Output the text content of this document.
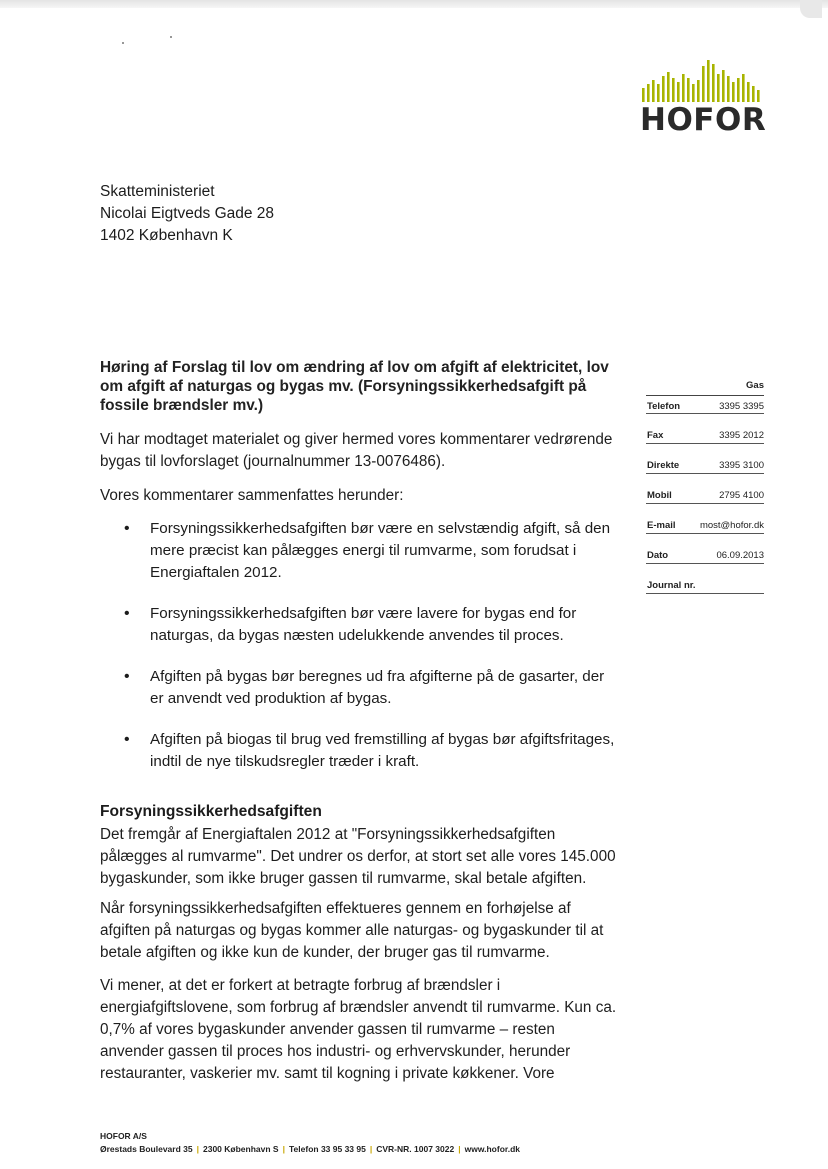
HOFOR
Skatteministeriet
Nicolai Eigtveds Gade 28
1402 København K
Høring af Forslag til lov om ændring af lov om afgift af elektricitet, lov om afgift af naturgas og bygas mv. (Forsyningssikkerhedsafgift på fossile brændsler mv.)
Vi har modtaget materialet og giver hermed vores kommentarer vedrørende bygas til lovforslaget (journalnummer 13-0076486).
Vores kommentarer sammenfattes herunder:
• Forsyningssikkerhedsafgiften bør være en selvstændig afgift, så den mere præcist kan pålægges energi til rumvarme, som forudsat i Energiaftalen 2012.
• Forsyningssikkerhedsafgiften bør være lavere for bygas end for naturgas, da bygas næsten udelukkende anvendes til proces.
• Afgiften på bygas bør beregnes ud fra afgifterne på de gasarter, der er anvendt ved produktion af bygas.
• Afgiften på biogas til brug ved fremstilling af bygas bør afgiftsfritages, indtil de nye tilskudsregler træder i kraft.
Forsyningssikkerhedsafgiften
Det fremgår af Energiaftalen 2012 at "Forsyningssikkerhedsafgiften pålægges al rumvarme". Det undrer os derfor, at stort set alle vores 145.000 bygaskunder, som ikke bruger gassen til rumvarme, skal betale afgiften.
Når forsyningssikkerhedsafgiften effektueres gennem en forhøjelse af afgiften på naturgas og bygas kommer alle naturgas- og bygaskunder til at betale afgiften og ikke kun de kunder, der bruger gas til rumvarme.
Vi mener, at det er forkert at betragte forbrug af brændsler i energiafgiftslovene, som forbrug af brændsler anvendt til rumvarme. Kun ca. 0,7% af vores bygaskunder anvender gassen til rumvarme – resten anvender gassen til proces hos industri- og erhvervskunder, herunder restauranter, vaskerier mv. samt til kogning i private køkkener. Vore
Gas
Telefon	3395 3395
Fax	3395 2012
Direkte	3395 3100
Mobil	2795 4100
E-mail	most@hofor.dk
Dato	06.09.2013
Journal nr.
HOFOR A/S
Ørestads Boulevard 35 | 2300 København S | Telefon 33 95 33 95 | CVR-NR. 1007 3022 | www.hofor.dk
